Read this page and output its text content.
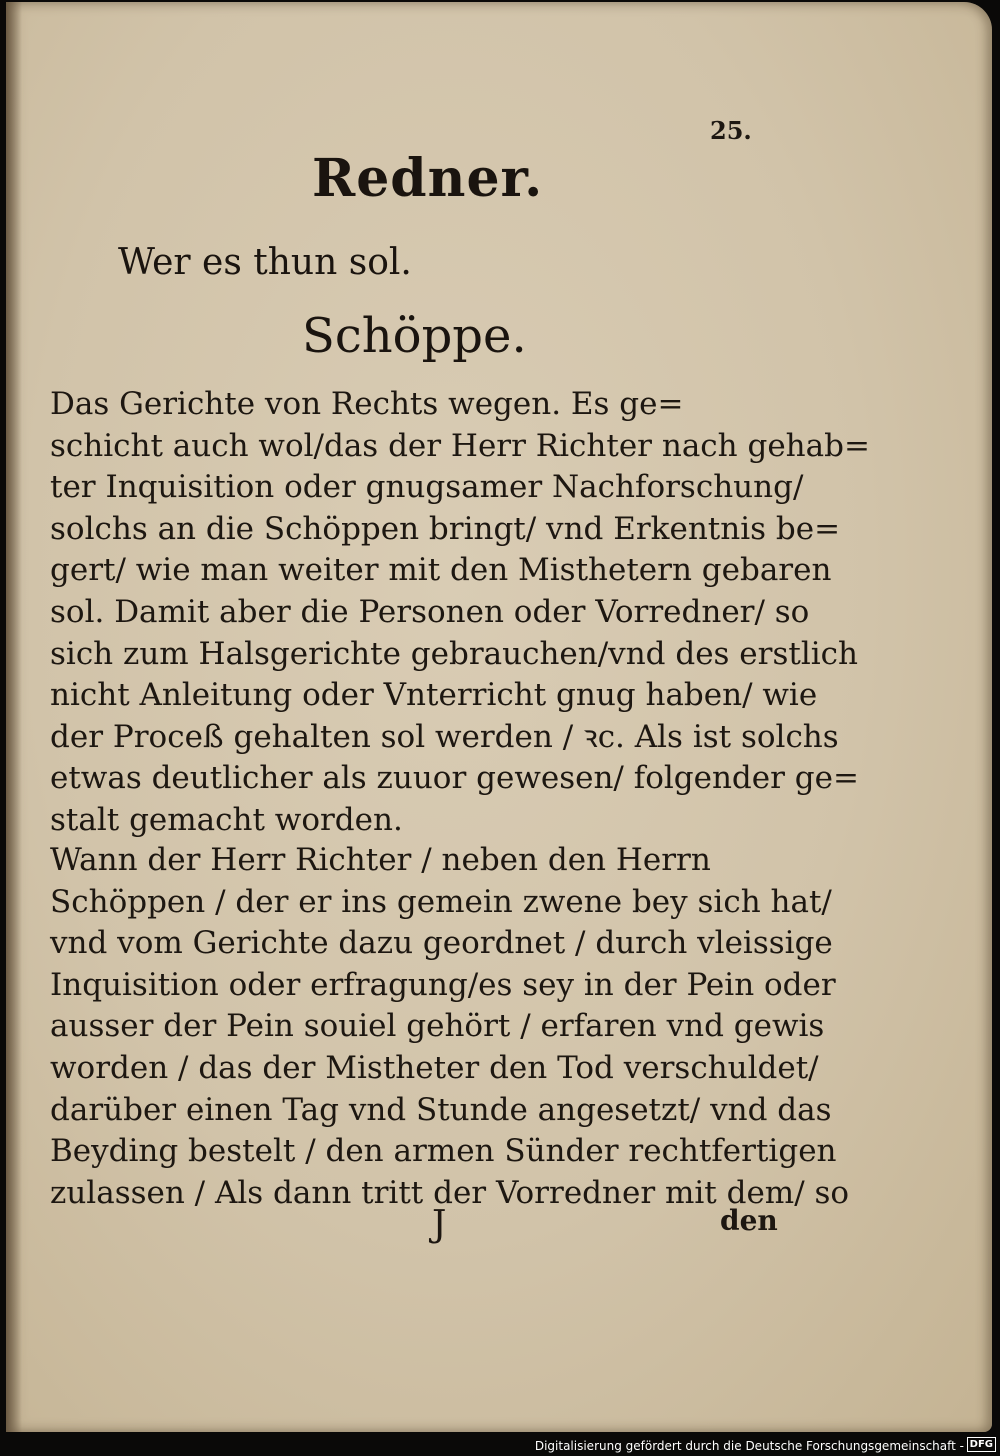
25.
Redner.
Wer es thun sol.
Schöppe.
Das Gerichte von Rechts wegen. Es ge=
schicht auch wol/das der Herr Richter nach gehab=
ter Inquisition oder gnugsamer Nachforschung/
solchs an die Schöppen bringt/ vnd Erkentnis be=
gert/ wie man weiter mit den Misthetern gebaren
sol. Damit aber die Personen oder Vorredner/ so
sich zum Halsgerichte gebrauchen/vnd des erstlich
nicht Anleitung oder Vnterricht gnug haben/ wie
der Proceß gehalten sol werden / ꝛc. Als ist solchs
etwas deutlicher als zuuor gewesen/ folgender ge=
stalt gemacht worden.
Wann der Herr Richter / neben den Herrn
Schöppen / der er ins gemein zwene bey sich hat/
vnd vom Gerichte dazu geordnet / durch vleissige
Inquisition oder erfragung/es sey in der Pein oder
ausser der Pein souiel gehört / erfaren vnd gewis
worden / das der Mistheter den Tod verschuldet/
darüber einen Tag vnd Stunde angesetzt/ vnd das
Beyding bestelt / den armen Sünder rechtfertigen
zulassen / Als dann tritt der Vorredner mit dem/ so
J	den
Digitalisierung gefördert durch die Deutsche Forschungsgemeinschaft - DFG
